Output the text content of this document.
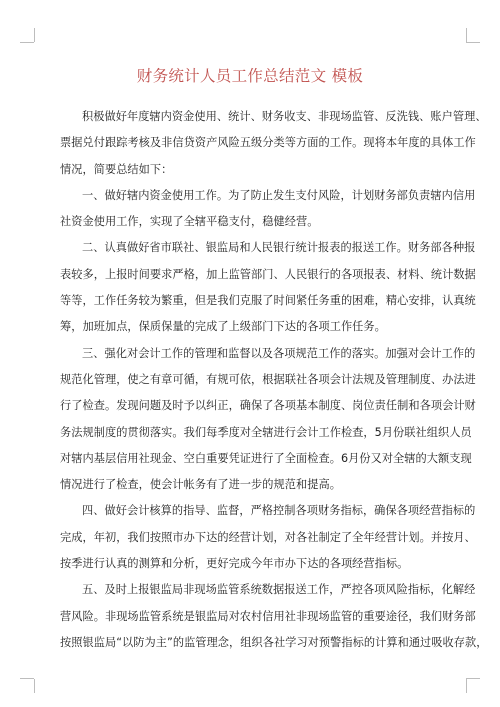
财务统计人员工作总结范文 模板
积极做好年度辖内资金使用、统计、财务收支、非现场监管、反洗钱、账户管理、
票据兑付跟踪考核及非信贷资产风险五级分类等方面的工作。现将本年度的具体工作
情况，简要总结如下：
一、做好辖内资金使用工作。为了防止发生支付风险，计划财务部负责辖内信用
社资金使用工作，实现了全辖平稳支付，稳健经营。
二、认真做好省市联社、银监局和人民银行统计报表的报送工作。财务部各种报
表较多，上报时间要求严格，加上监管部门、人民银行的各项报表、材料、统计数据
等等，工作任务较为繁重，但是我们克服了时间紧任务重的困难，精心安排，认真统
筹，加班加点，保质保量的完成了上级部门下达的各项工作任务。
三、强化对会计工作的管理和监督以及各项规范工作的落实。加强对会计工作的
规范化管理，使之有章可循，有规可依，根据联社各项会计法规及管理制度、办法进
行了检查。发现问题及时予以纠正，确保了各项基本制度、岗位责任制和各项会计财
务法规制度的贯彻落实。我们每季度对全辖进行会计工作检查，5月份联社组织人员
对辖内基层信用社现金、空白重要凭证进行了全面检查。6月份又对全辖的大额支现
情况进行了检查，使会计帐务有了进一步的规范和提高。
四、做好会计核算的指导、监督，严格控制各项财务指标，确保各项经营指标的
完成，年初，我们按照市办下达的经营计划，对各社制定了全年经营计划。并按月、
按季进行认真的测算和分析，更好完成今年市办下达的各项经营指标。
五、及时上报银监局非现场监管系统数据报送工作，严控各项风险指标，化解经
营风险。非现场监管系统是银监局对农村信用社非现场监管的重要途径，我们财务部
按照银监局“以防为主”的监管理念，组织各社学习对预警指标的计算和通过吸收存款，
